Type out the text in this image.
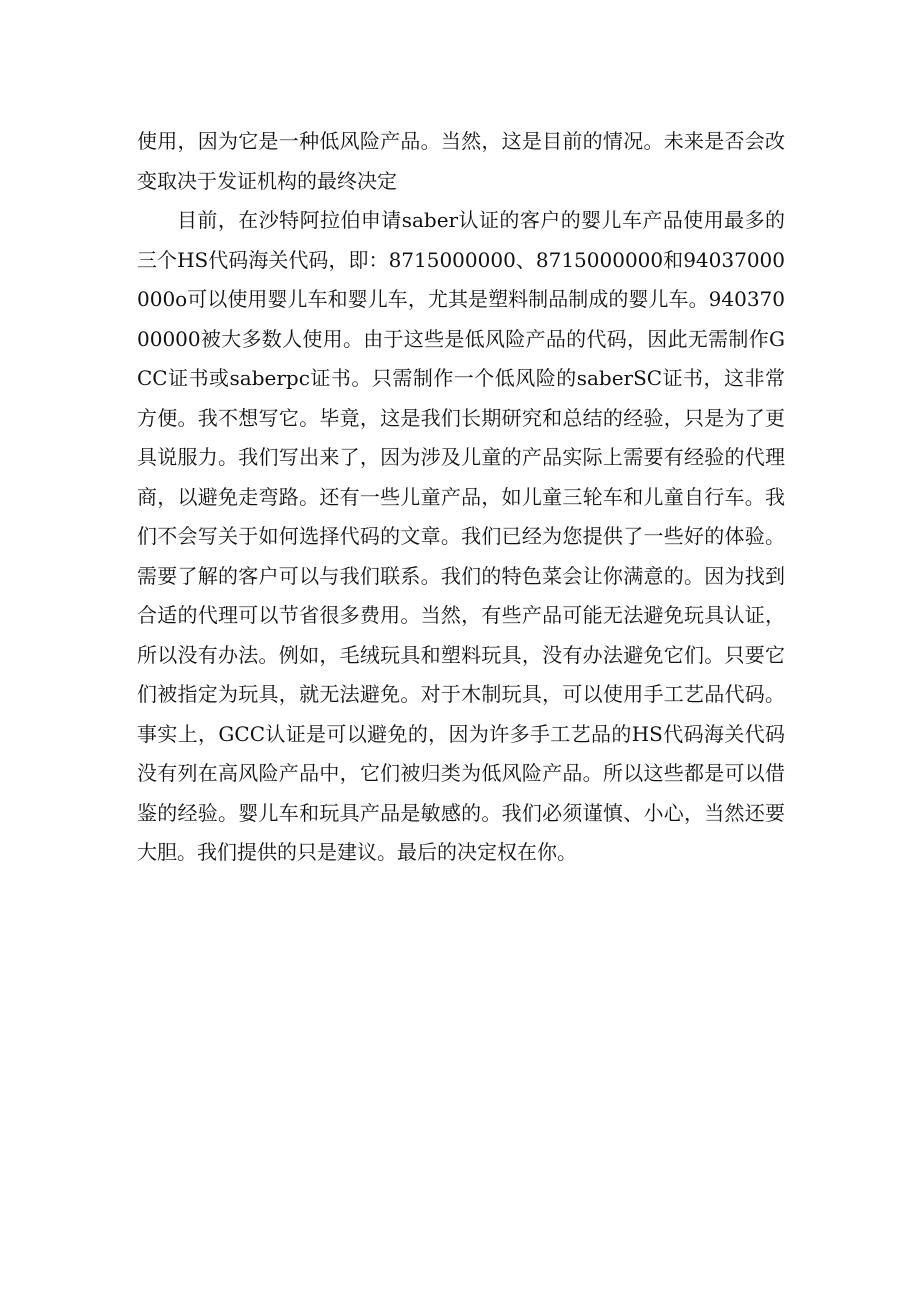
使用，因为它是一种低风险产品。当然，这是目前的情况。未来是否会改变取决于发证机构的最终决定

目前，在沙特阿拉伯申请saber认证的客户的婴儿车产品使用最多的三个HS代码海关代码，即：8715000000、8715000000和94037000000o可以使用婴儿车和婴儿车，尤其是塑料制品制成的婴儿车。94037000000被大多数人使用。由于这些是低风险产品的代码，因此无需制作GCC证书或saberpc证书。只需制作一个低风险的saberSC证书，这非常方便。我不想写它。毕竟，这是我们长期研究和总结的经验，只是为了更具说服力。我们写出来了，因为涉及儿童的产品实际上需要有经验的代理商，以避免走弯路。还有一些儿童产品，如儿童三轮车和儿童自行车。我们不会写关于如何选择代码的文章。我们已经为您提供了一些好的体验。需要了解的客户可以与我们联系。我们的特色菜会让你满意的。因为找到合适的代理可以节省很多费用。当然，有些产品可能无法避免玩具认证，所以没有办法。例如，毛绒玩具和塑料玩具，没有办法避免它们。只要它们被指定为玩具，就无法避免。对于木制玩具，可以使用手工艺品代码。事实上，GCC认证是可以避免的，因为许多手工艺品的HS代码海关代码没有列在高风险产品中，它们被归类为低风险产品。所以这些都是可以借鉴的经验。婴儿车和玩具产品是敏感的。我们必须谨慎、小心，当然还要大胆。我们提供的只是建议。最后的决定权在你。
